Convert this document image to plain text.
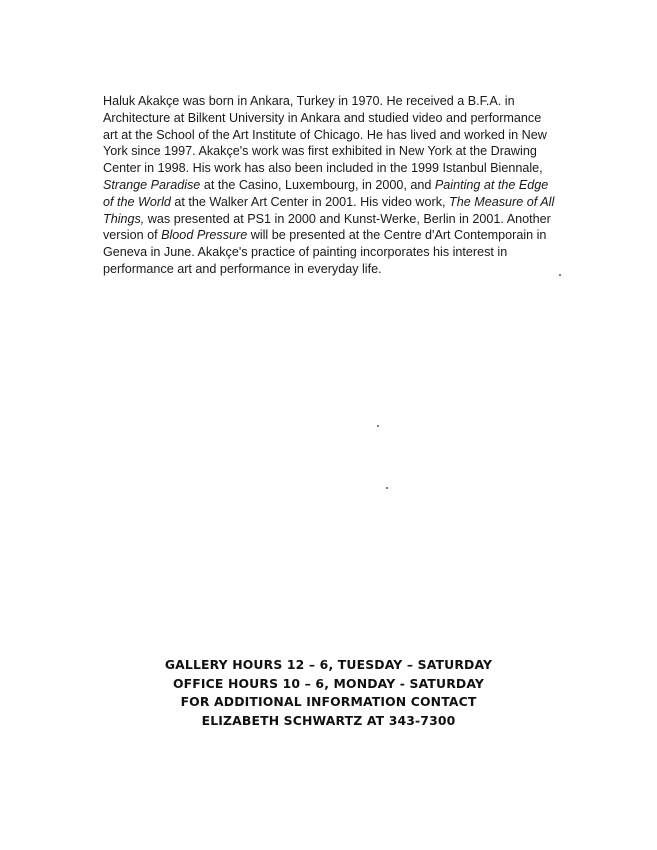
Haluk Akakçe was born in Ankara, Turkey in 1970. He received a B.F.A. in
Architecture at Bilkent University in Ankara and studied video and performance
art at the School of the Art Institute of Chicago. He has lived and worked in New
York since 1997. Akakçe's work was first exhibited in New York at the Drawing
Center in 1998. His work has also been included in the 1999 Istanbul Biennale,
Strange Paradise at the Casino, Luxembourg, in 2000, and Painting at the Edge
of the World at the Walker Art Center in 2001. His video work, The Measure of All
Things, was presented at PS1 in 2000 and Kunst-Werke, Berlin in 2001. Another
version of Blood Pressure will be presented at the Centre d'Art Contemporain in
Geneva in June. Akakçe's practice of painting incorporates his interest in
performance art and performance in everyday life.
GALLERY HOURS 12 – 6, TUESDAY – SATURDAY
OFFICE HOURS 10 – 6, MONDAY - SATURDAY
FOR ADDITIONAL INFORMATION CONTACT
ELIZABETH SCHWARTZ AT 343-7300
